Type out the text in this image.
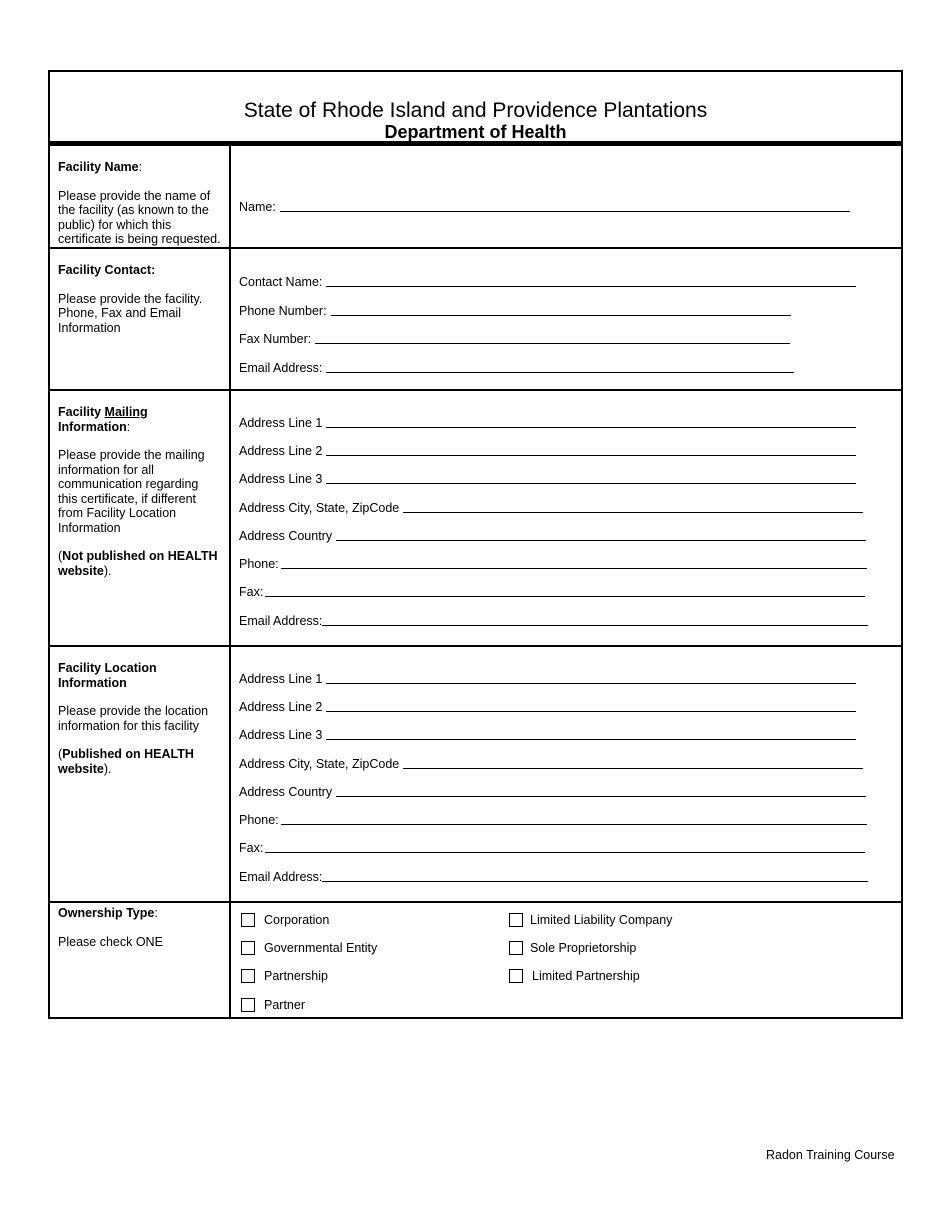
State of Rhode Island and Providence Plantations
Department of Health

Facility Name:

Please provide the name of the facility (as known to the public) for which this certificate is being requested.

Name:

Facility Contact:

Please provide the facility. Phone, Fax and Email Information

Contact Name:
Phone Number:
Fax Number:
Email Address:

Facility Mailing Information:

Please provide the mailing information for all communication regarding this certificate, if different from Facility Location Information

(Not published on HEALTH website).

Address Line 1
Address Line 2
Address Line 3
Address City, State, ZipCode
Address Country
Phone:
Fax:
Email Address:

Facility Location Information

Please provide the location information for this facility

(Published on HEALTH website).

Address Line 1
Address Line 2
Address Line 3
Address City, State, ZipCode
Address Country
Phone:
Fax:
Email Address:

Ownership Type:

Please check ONE

Corporation
Governmental Entity
Partnership
Partner
Limited Liability Company
Sole Proprietorship
Limited Partnership
Radon Training Course
